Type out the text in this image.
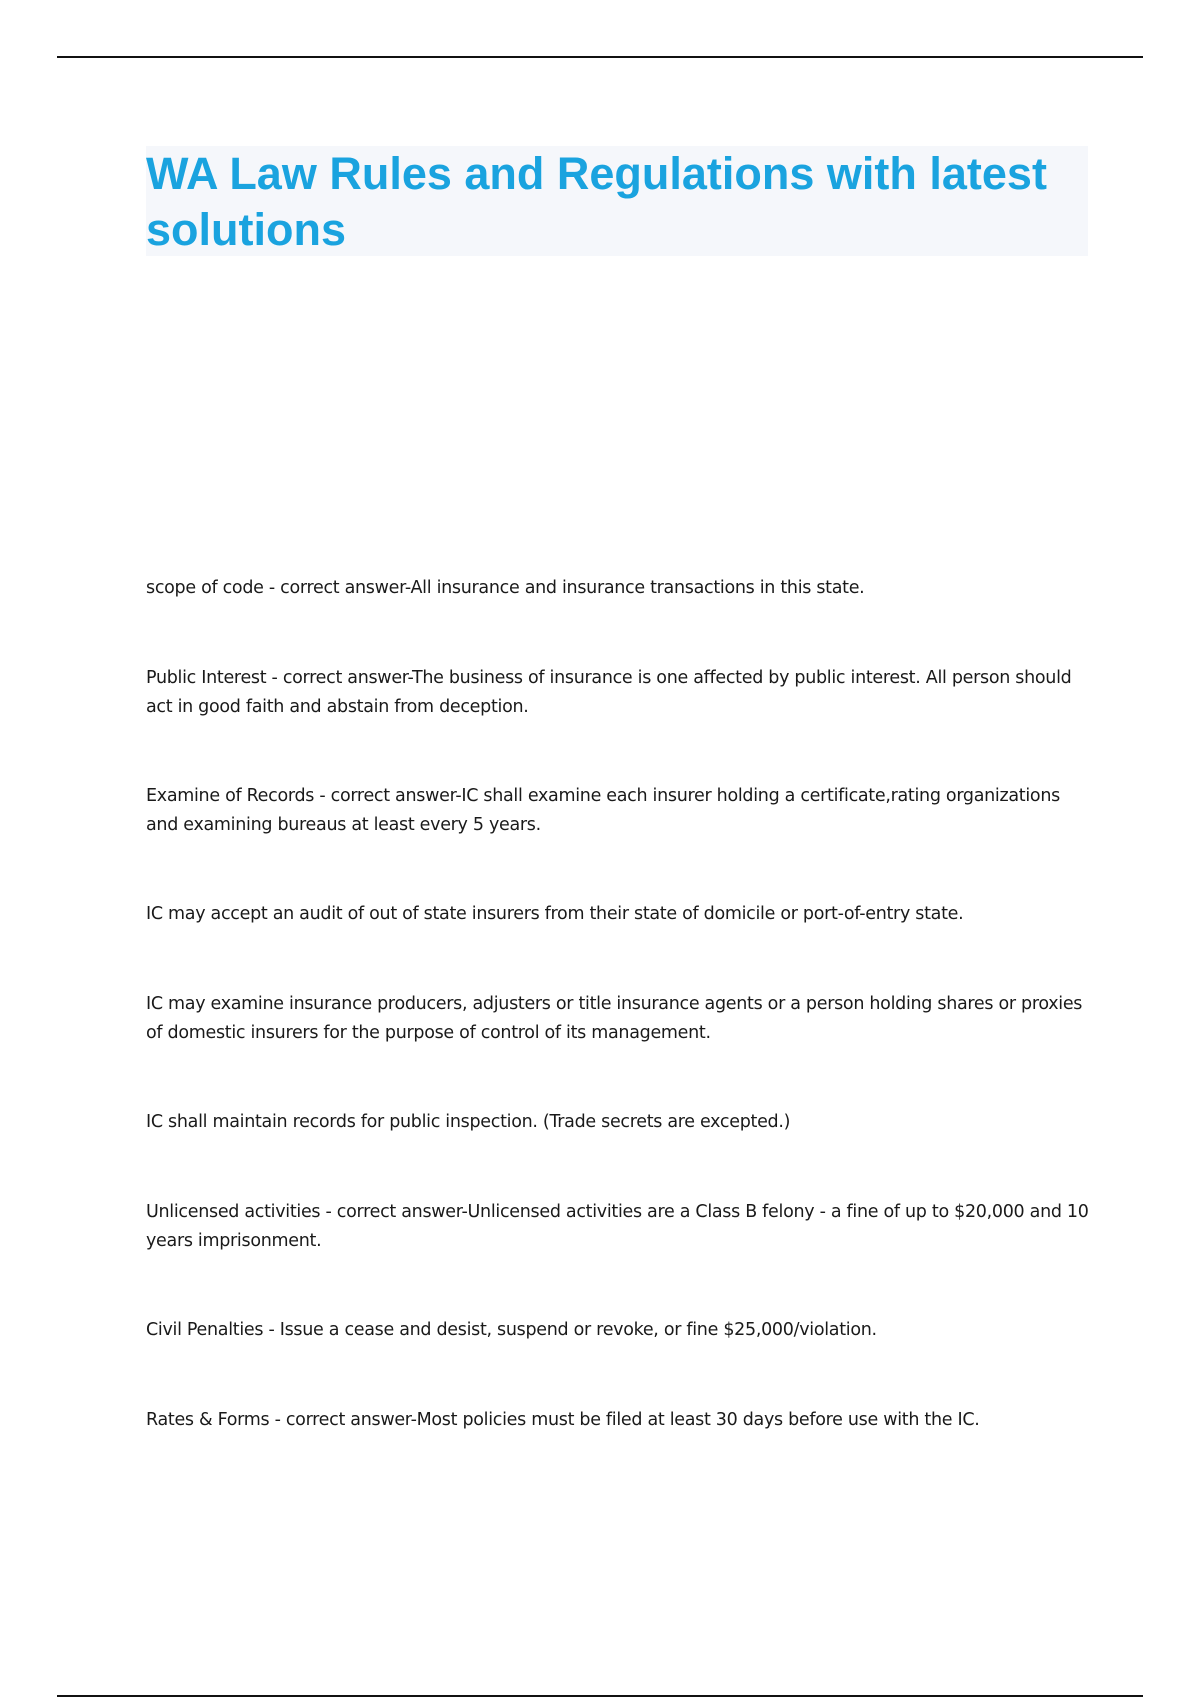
WA Law Rules and Regulations with latest solutions

scope of code - correct answer-All insurance and insurance transactions in this state.

Public Interest - correct answer-The business of insurance is one affected by public interest. All person should act in good faith and abstain from deception.

Examine of Records - correct answer-IC shall examine each insurer holding a certificate,rating organizations and examining bureaus at least every 5 years.

IC may accept an audit of out of state insurers from their state of domicile or port-of-entry state.

IC may examine insurance producers, adjusters or title insurance agents or a person holding shares or proxies of domestic insurers for the purpose of control of its management.

IC shall maintain records for public inspection. (Trade secrets are excepted.)

Unlicensed activities - correct answer-Unlicensed activities are a Class B felony - a fine of up to $20,000 and 10 years imprisonment.

Civil Penalties - Issue a cease and desist, suspend or revoke, or fine $25,000/violation.

Rates & Forms - correct answer-Most policies must be filed at least 30 days before use with the IC.
